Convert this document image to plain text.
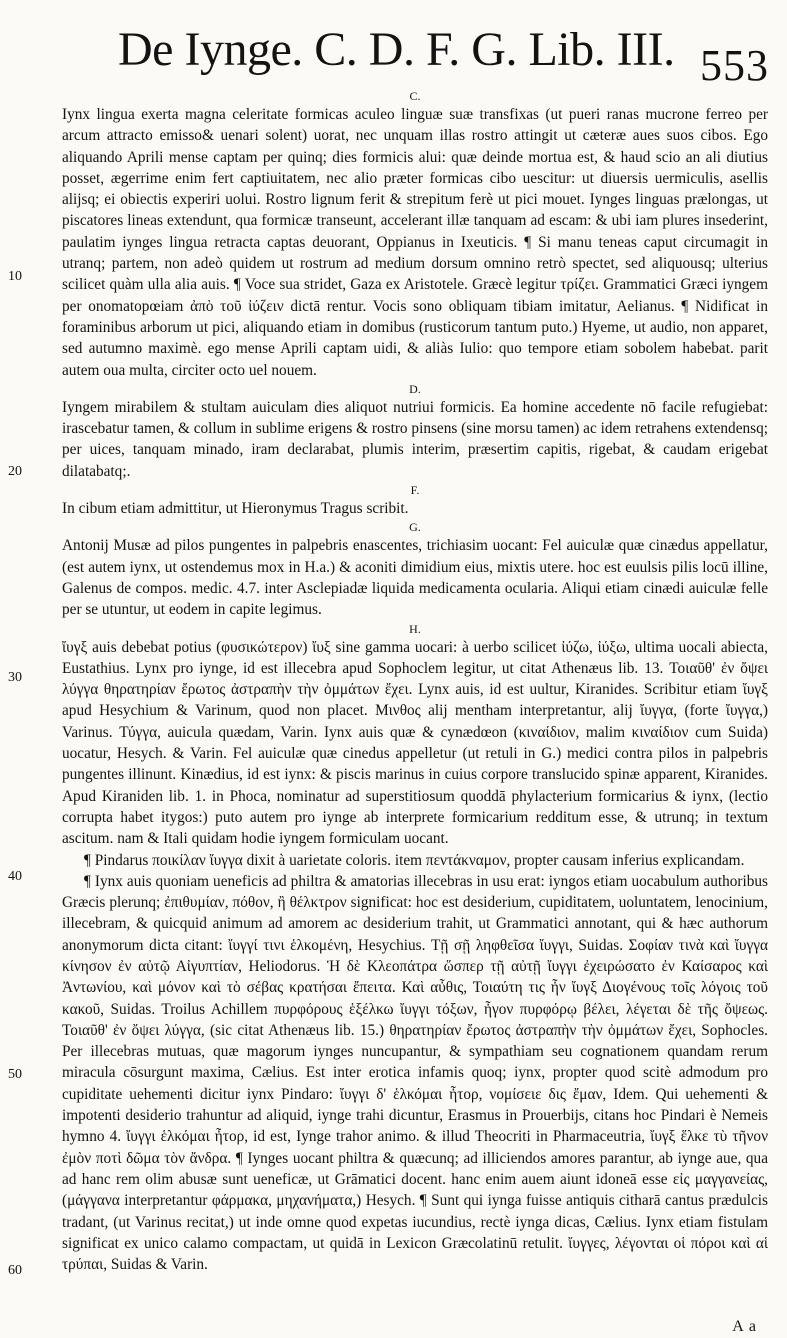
De Iynge. C. D. F. G. Lib. III. 553
10
20
30
40
50
60
C.

Iynx lingua exerta magna celeritate formicas aculeo linguæ suæ transfixas (ut pueri ranas mucrone ferreo per arcum attracto emisso& uenari solent) uorat, nec unquam illas rostro attingit ut cæteræ aues suos cibos. Ego aliquando Aprili mense captam per quinq; dies formicis alui: quæ deinde mortua est, & haud scio an ali diutius posset, ægerrime enim fert captiuitatem, nec alio præter formicas cibo uescitur: ut diuersis uermiculis, asellis alijsq; ei obiectis experiri uolui. Rostro lignum ferit & strepitum ferè ut pici mouet. Iynges linguas prælongas, ut piscatores lineas extendunt, qua formicæ transeunt, accelerant illæ tanquam ad escam: & ubi iam plures insederint, paulatim iynges lingua retracta captas deuorant, Oppianus in Ixeuticis. ¶ Si manu teneas caput circumagit in utranq; partem, non adeò quidem ut rostrum ad medium dorsum omnino retrò spectet, sed aliquousq; ulterius scilicet quàm ulla alia auis. ¶ Voce sua stridet, Gaza ex Aristotele. Græcè legitur τρίζει. Grammatici Græci iyngem per onomatopœiam ἀπὸ τοῦ ἰύζειν dictā rentur. Vocis sono obliquam tibiam imitatur, Aelianus. ¶ Nidificat in foraminibus arborum ut pici, aliquando etiam in domibus (rusticorum tantum puto.) Hyeme, ut audio, non apparet, sed autumno maximè. ego mense Aprili captam uidi, & aliàs Iulio: quo tempore etiam sobolem habebat. parit autem oua multa, circiter octo uel nouem.

D.

Iyngem mirabilem & stultam auiculam dies aliquot nutriui formicis. Ea homine accedente nō facile refugiebat: irascebatur tamen, & collum in sublime erigens & rostro pinsens (sine morsu tamen) ac idem retrahens extendensq; per uices, tanquam minado, iram declarabat, plumis interim, præsertim capitis, rigebat, & caudam erigebat dilatabatq;.

F.

In cibum etiam admittitur, ut Hieronymus Tragus scribit.

G.

Antonij Musæ ad pilos pungentes in palpebris enascentes, trichiasim uocant: Fel auiculæ quæ cinædus appellatur, (est autem iynx, ut ostendemus mox in H.a.) & aconiti dimidium eius, mixtis utere. hoc est euulsis pilis locū illine, Galenus de compos. medic. 4.7. inter Asclepiadæ liquida medicamenta ocularia. Aliqui etiam cinædi auiculæ felle per se utuntur, ut eodem in capite legimus.

H.

ἴυγξ auis debebat potius (φυσικώτερον) ἴυξ sine gamma uocari: à uerbo scilicet ἰύζω, ἰύξω, ultima uocali abiecta, Eustathius. Lynx pro iynge, id est illecebra apud Sophoclem legitur, ut citat Athenæus lib. 13. Τοιαῦθ' ἐν ὄψει λύγγα θηρατηρίαν ἔρωτος ἀστραπὴν τὴν ὀμμάτων ἔχει. Lynx auis, id est uultur, Kiranides. Scribitur etiam ἴυγξ apud Hesychium & Varinum, quod non placet. Μινθος alij mentham interpretantur, alij ἴυγγα, (forte ἴυγγα,) Varinus. Τύγγα, auicula quædam, Varin. Iynx auis quæ & cynædœon (κιναίδιον, malim κιναίδιον cum Suida) uocatur, Hesych. & Varin. Fel auiculæ quæ cinedus appelletur (ut retuli in G.) medici contra pilos in palpebris pungentes illinunt. Kinædius, id est iynx: & piscis marinus in cuius corpore translucido spinæ apparent, Kiranides. Apud Kiraniden lib. 1. in Phoca, nominatur ad superstitiosum quoddā phylacterium formicarius & iynx, (lectio corrupta habet itygos:) puto autem pro iynge ab interprete formicarium redditum esse, & utrunq; in textum ascitum. nam & Itali quidam hodie iyngem formiculam uocant.

¶ Pindarus ποικίλαν ἴυγγα dixit à uarietate coloris. item πεντάκναμον, propter causam inferius explicandam.

¶ Iynx auis quoniam ueneficis ad philtra & amatorias illecebras in usu erat: iyngos etiam uocabulum authoribus Græcis plerunq; ἐπιθυμίαν, πόθον, ἢ θέλκτρον significat: hoc est desiderium, cupiditatem, uoluntatem, lenocinium, illecebram, & quicquid animum ad amorem ac desiderium trahit, ut Grammatici annotant, qui & hæc authorum anonymorum dicta citant: ἴυγγί τινι ἑλκομένη, Hesychius. Τῇ σῇ ληφθεῖσα ἴυγγι, Suidas. Σοφίαν τινὰ καὶ ἴυγγα κίνησον ἐν αὐτῷ Αἰγυπτίαν, Heliodorus. Ἡ δὲ Κλεοπάτρα ὥσπερ τῇ αὐτῇ ἴυγγι ἐχειρώσατο ἐν Καίσαρος καὶ Ἀντωνίου, καὶ μόνον καὶ τὸ σέβας κρατήσαι ἔπειτα. Καὶ αὖθις, Τοιαύτη τις ἦν ἴυγξ Διογένους τοῖς λόγοις τοῦ κακοῦ, Suidas. Troilus Achillem πυρφόρους ἑξέλκω ἴυγγι τόξων, ἦγον πυρφόρῳ βέλει, λέγεται δὲ τῆς ὄψεως. Τοιαῦθ' ἐν ὄψει λύγγα, (sic citat Athenæus lib. 15.) θηρατηρίαν ἔρωτος ἀστραπὴν τὴν ὀμμάτων ἔχει, Sophocles. Per illecebras mutuas, quæ magorum iynges nuncupantur, & sympathiam seu cognationem quandam rerum miracula cōsurgunt maxima, Cælius. Est inter erotica infamis quoq; iynx, propter quod scitè admodum pro cupiditate uehementi dicitur iynx Pindaro: ἴυγγι δ' ἑλκόμαι ἦτορ, νομίσειε δις ἔμαν, Idem. Qui uehementi & impotenti desiderio trahuntur ad aliquid, iynge trahi dicuntur, Erasmus in Prouerbijs, citans hoc Pindari è Nemeis hymno 4. ἴυγγι ἑλκόμαι ἦτορ, id est, Iynge trahor animo. & illud Theocriti in Pharmaceutria, ἴυγξ ἕλκε τὺ τῆνον ἐμὸν ποτὶ δῶμα τὸν ἄνδρα. ¶ Iynges uocant philtra & quæcunq; ad illiciendos amores parantur, ab iynge aue, qua ad hanc rem olim abusæ sunt ueneficæ, ut Grāmatici docent. hanc enim auem aiunt idoneā esse εἰς μαγγανείας, (μάγγανα interpretantur φάρμακα, μηχανήματα,) Hesych. ¶ Sunt qui iynga fuisse antiquis citharā cantus prædulcis tradant, (ut Varinus recitat,) ut inde omne quod expetas iucundius, rectè iynga dicas, Cælius. Iynx etiam fistulam significat ex unico calamo compactam, ut quidā in Lexicon Græcolatinū retulit. ἴυγγες, λέγονται οἱ πόροι καὶ αἱ τρύπαι, Suidas & Varin.

A a
